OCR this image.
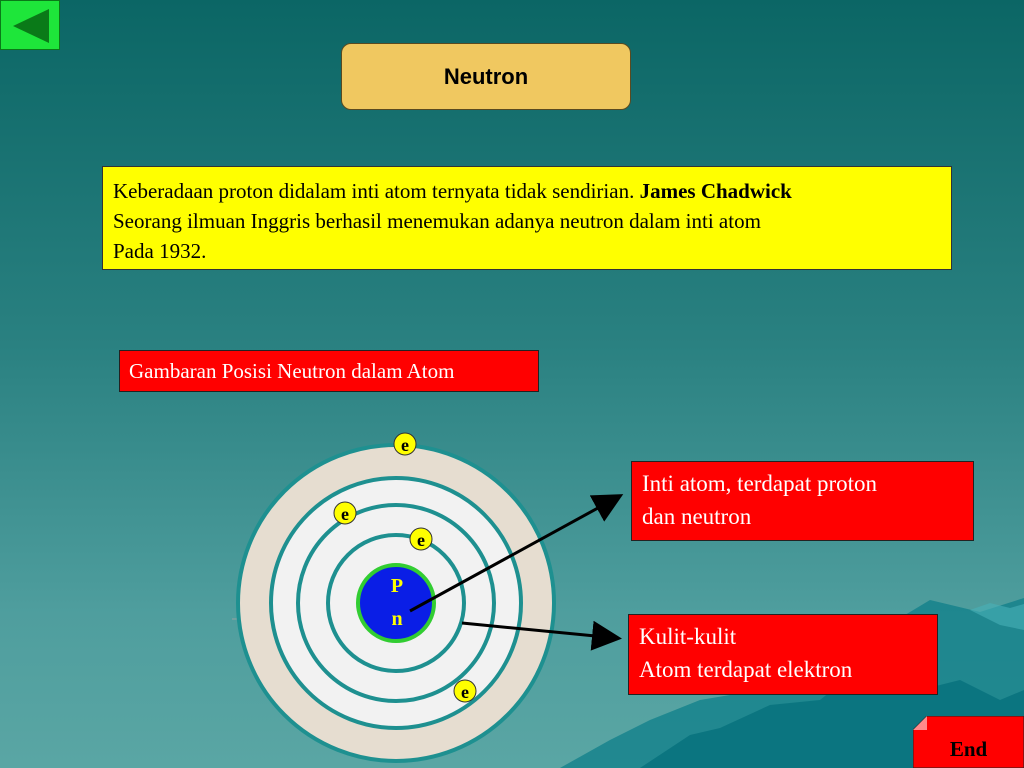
Neutron
Keberadaan proton didalam inti atom ternyata tidak sendirian. James Chadwick
Seorang ilmuan Inggris berhasil menemukan adanya neutron dalam inti atom
Pada 1932.
Gambaran Posisi Neutron dalam Atom
P
n
e
e
e
e
Inti atom, terdapat proton
dan neutron
Kulit-kulit
Atom terdapat elektron
End
